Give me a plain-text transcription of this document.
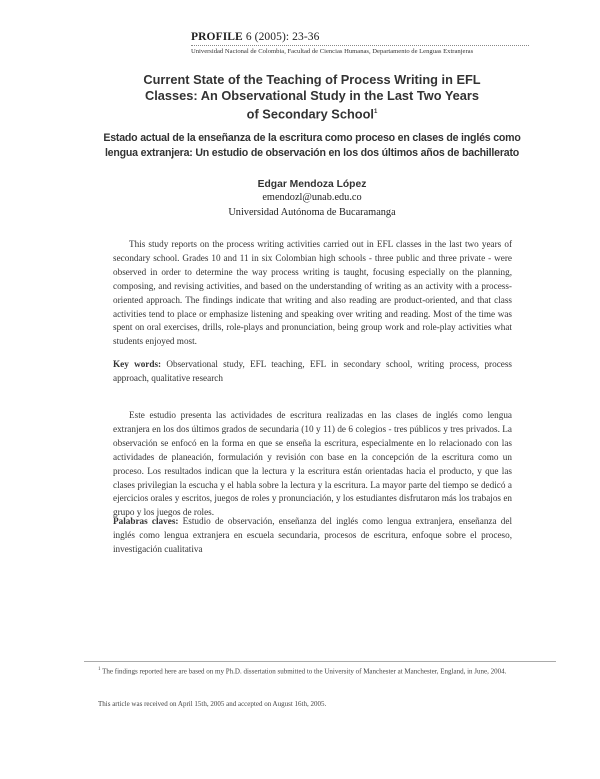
PROFILE 6 (2005): 23-36
Universidad Nacional de Colombia, Facultad de Ciencias Humanas, Departamento de Lenguas Extranjeras
Current State of the Teaching of Process Writing in EFL
Classes: An Observational Study in the Last Two Years
of Secondary School$^1$
Estado actual de la enseñanza de la escritura como proceso en clases de inglés como
lengua extranjera: Un estudio de observación en los dos últimos años de bachillerato
Edgar Mendoza López
emendozl@unab.edu.co
Universidad Autónoma de Bucaramanga
This study reports on the process writing activities carried out in EFL classes in the last two years of secondary school. Grades 10 and 11 in six Colombian high schools - three public and three private - were observed in order to determine the way process writing is taught, focusing especially on the planning, composing, and revising activities, and based on the understanding of writing as an activity with a process-oriented approach. The findings indicate that writing and also reading are product-oriented, and that class activities tend to place or emphasize listening and speaking over writing and reading. Most of the time was spent on oral exercises, drills, role-plays and pronunciation, being group work and role-play activities what students enjoyed most.
Key words: Observational study, EFL teaching, EFL in secondary school, writing process, process approach, qualitative research
Este estudio presenta las actividades de escritura realizadas en las clases de inglés como lengua extranjera en los dos últimos grados de secundaria (10 y 11) de 6 colegios - tres públicos y tres privados. La observación se enfocó en la forma en que se enseña la escritura, especialmente en lo relacionado con las actividades de planeación, formulación y revisión con base en la concepción de la escritura como un proceso. Los resultados indican que la lectura y la escritura están orientadas hacia el producto, y que las clases privilegian la escucha y el habla sobre la lectura y la escritura. La mayor parte del tiempo se dedicó a ejercicios orales y escritos, juegos de roles y pronunciación, y los estudiantes disfrutaron más los trabajos en grupo y los juegos de roles.
Palabras claves: Estudio de observación, enseñanza del inglés como lengua extranjera, enseñanza del inglés como lengua extranjera en escuela secundaria, procesos de escritura, enfoque sobre el proceso, investigación cualitativa
$^1$ The findings reported here are based on my Ph.D. dissertation submitted to the University of Manchester at Manchester, England, in June, 2004.
This article was received on April 15th, 2005 and accepted on August 16th, 2005.
